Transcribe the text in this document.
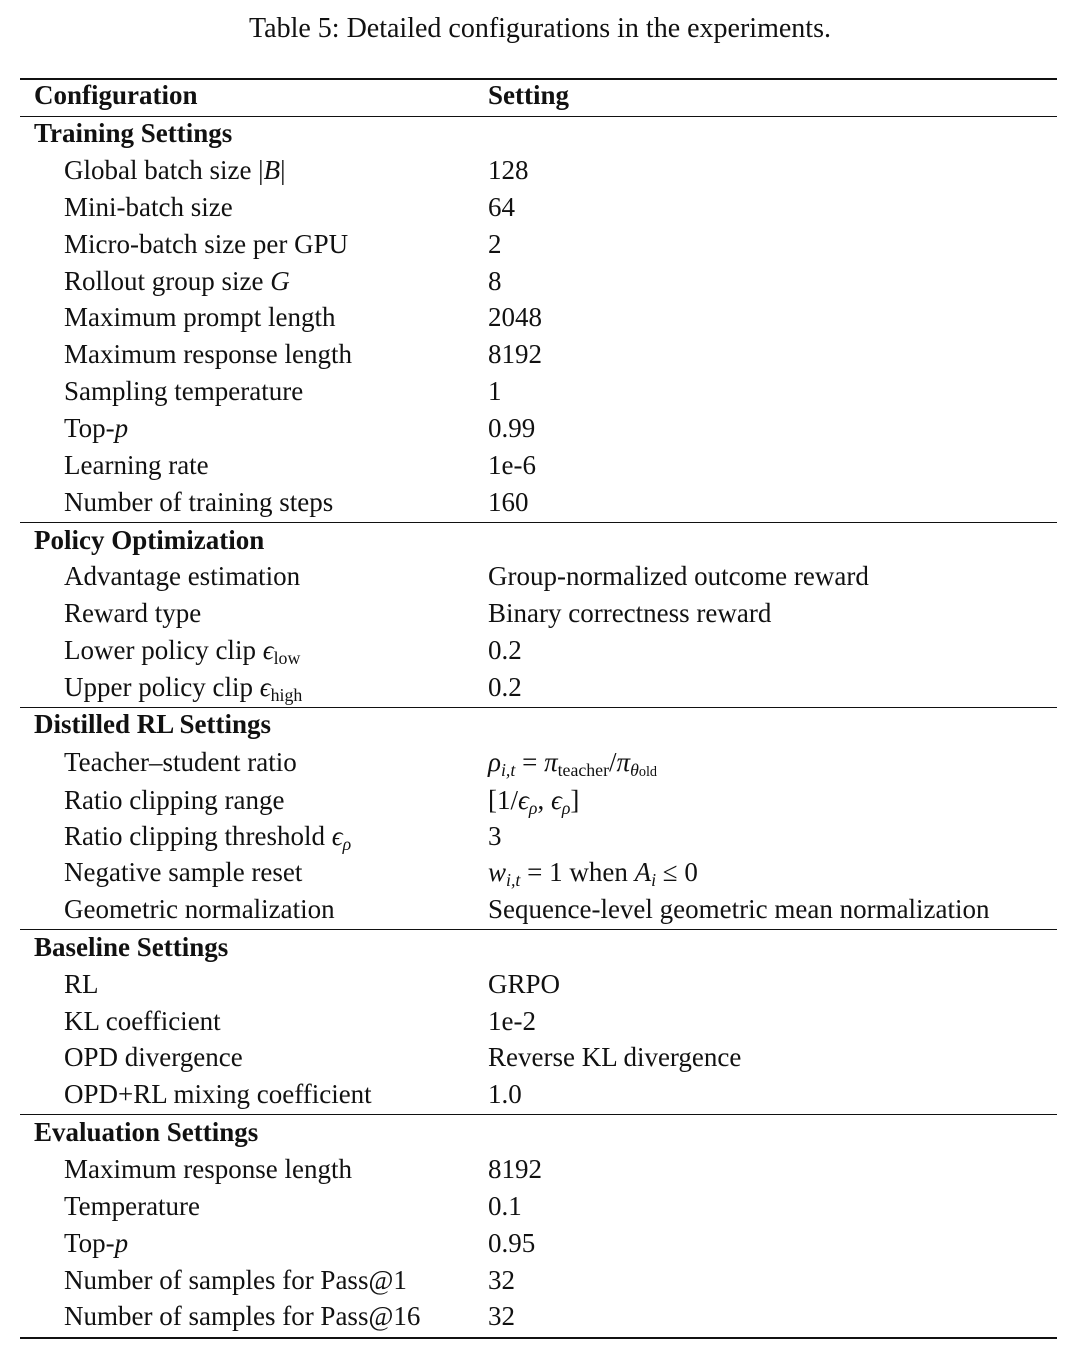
Table 5: Detailed configurations in the experiments.
Configuration	Setting
Training Settings
Global batch size |B|	128
Mini-batch size	64
Micro-batch size per GPU	2
Rollout group size G	8
Maximum prompt length	2048
Maximum response length	8192
Sampling temperature	1
Top-p	0.99
Learning rate	1e-6
Number of training steps	160
Policy Optimization
Advantage estimation	Group-normalized outcome reward
Reward type	Binary correctness reward
Lower policy clip $\epsilon_{low}$	0.2
Upper policy clip $\epsilon_{high}$	0.2
Distilled RL Settings
Teacher–student ratio	$\rho_{i,t} = \pi_{teacher}/\pi_{\theta old}$
Ratio clipping range	[$1/\epsilon_\rho$, $\epsilon_\rho$]
Ratio clipping threshold $\epsilon_\rho$	3
Negative sample reset	$w_{i,t} = 1$ when $A_i \le 0$
Geometric normalization	Sequence-level geometric mean normalization
Baseline Settings
RL	GRPO
KL coefficient	1e-2
OPD divergence	Reverse KL divergence
OPD+RL mixing coefficient	1.0
Evaluation Settings
Maximum response length	8192
Temperature	0.1
Top-p	0.95
Number of samples for Pass@1	32
Number of samples for Pass@16	32
